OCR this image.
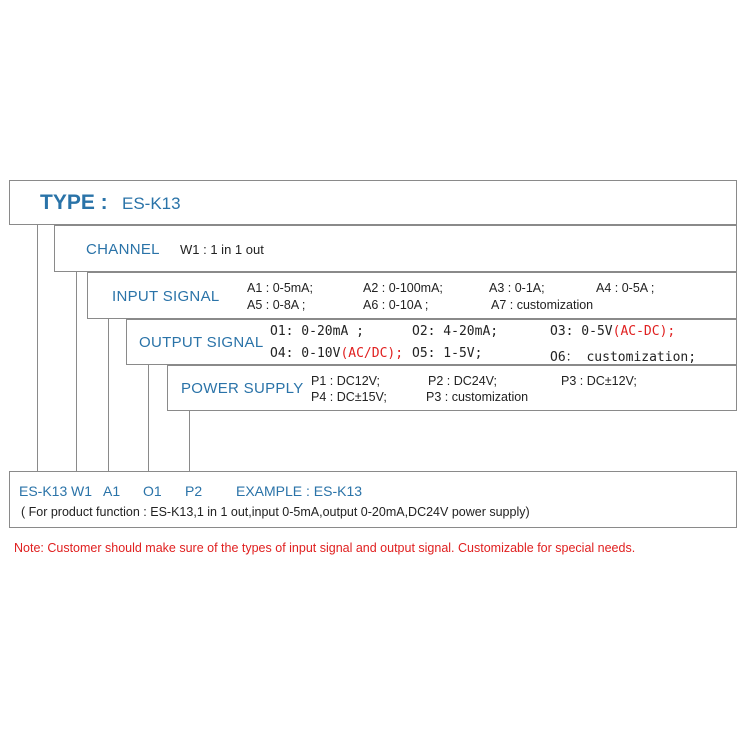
TYPE : ES-K13
CHANNEL W1 : 1 in 1 out
INPUT SIGNAL A1 : 0-5mA;	A2 : 0-100mA;	A3 : 0-1A;	A4 : 0-5A ;
A5 : 0-8A ;	A6 : 0-10A ;	A7 : customization
OUTPUT SIGNAL
O1: 0-20mA ;	O2: 4-20mA;	O3: 0-5V(AC-DC);
O4: 0-10V(AC/DC); O5: 1-5V;	O6： customization;
POWER SUPPLY P1 : DC12V;	P2 : DC24V;	P3 : DC±12V;
P4 : DC±15V;	P3 : customization
ES-K13 W1 A1 O1 P2 EXAMPLE : ES-K13
( For product function : ES-K13,1 in 1 out,input 0-5mA,output 0-20mA,DC24V power supply)
Note: Customer should make sure of the types of input signal and output signal. Customizable for special needs.
